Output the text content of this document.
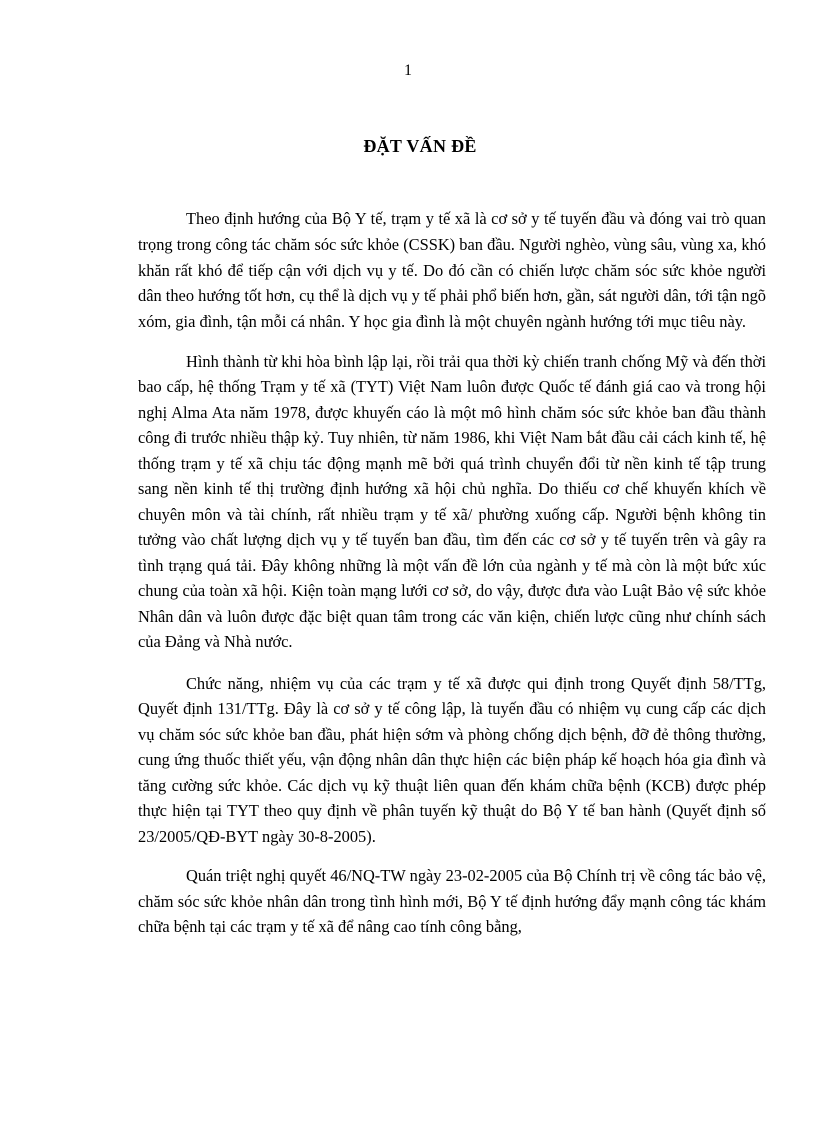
1
ĐẶT VẤN ĐỀ

Theo định hướng của Bộ Y tế, trạm y tế xã là cơ sở y tế tuyến đầu và đóng vai trò quan trọng trong công tác chăm sóc sức khỏe (CSSK) ban đầu. Người nghèo, vùng sâu, vùng xa, khó khăn rất khó để tiếp cận với dịch vụ y tế. Do đó cần có chiến lược chăm sóc sức khỏe người dân theo hướng tốt hơn, cụ thể là dịch vụ y tế phải phổ biến hơn, gần, sát người dân, tới tận ngõ xóm, gia đình, tận mỗi cá nhân. Y học gia đình là một chuyên ngành hướng tới mục tiêu này.

Hình thành từ khi hòa bình lập lại, rồi trải qua thời kỳ chiến tranh chống Mỹ và đến thời bao cấp, hệ thống Trạm y tế xã (TYT) Việt Nam luôn được Quốc tế đánh giá cao và trong hội nghị Alma Ata năm 1978, được khuyến cáo là một mô hình chăm sóc sức khỏe ban đầu thành công đi trước nhiều thập kỷ. Tuy nhiên, từ năm 1986, khi Việt Nam bắt đầu cải cách kinh tế, hệ thống trạm y tế xã chịu tác động mạnh mẽ bởi quá trình chuyển đổi từ nền kinh tế tập trung sang nền kinh tế thị trường định hướng xã hội chủ nghĩa. Do thiếu cơ chế khuyến khích về chuyên môn và tài chính, rất nhiều trạm y tế xã/ phường xuống cấp. Người bệnh không tin tưởng vào chất lượng dịch vụ y tế tuyến ban đầu, tìm đến các cơ sở y tế tuyến trên và gây ra tình trạng quá tải. Đây không những là một vấn đề lớn của ngành y tế mà còn là một bức xúc chung của toàn xã hội. Kiện toàn mạng lưới cơ sở, do vậy, được đưa vào Luật Bảo vệ sức khỏe Nhân dân và luôn được đặc biệt quan tâm trong các văn kiện, chiến lược cũng như chính sách của Đảng và Nhà nước.

Chức năng, nhiệm vụ của các trạm y tế xã được qui định trong Quyết định 58/TTg, Quyết định 131/TTg. Đây là cơ sở y tế công lập, là tuyến đầu có nhiệm vụ cung cấp các dịch vụ chăm sóc sức khỏe ban đầu, phát hiện sớm và phòng chống dịch bệnh, đỡ đẻ thông thường, cung ứng thuốc thiết yếu, vận động nhân dân thực hiện các biện pháp kế hoạch hóa gia đình và tăng cường sức khỏe. Các dịch vụ kỹ thuật liên quan đến khám chữa bệnh (KCB) được phép thực hiện tại TYT theo quy định về phân tuyến kỹ thuật do Bộ Y tế ban hành (Quyết định số 23/2005/QĐ-BYT ngày 30-8-2005).

Quán triệt nghị quyết 46/NQ-TW ngày 23-02-2005 của Bộ Chính trị về công tác bảo vệ, chăm sóc sức khỏe nhân dân trong tình hình mới, Bộ Y tế định hướng đẩy mạnh công tác khám chữa bệnh tại các trạm y tế xã để nâng cao tính công bằng,
